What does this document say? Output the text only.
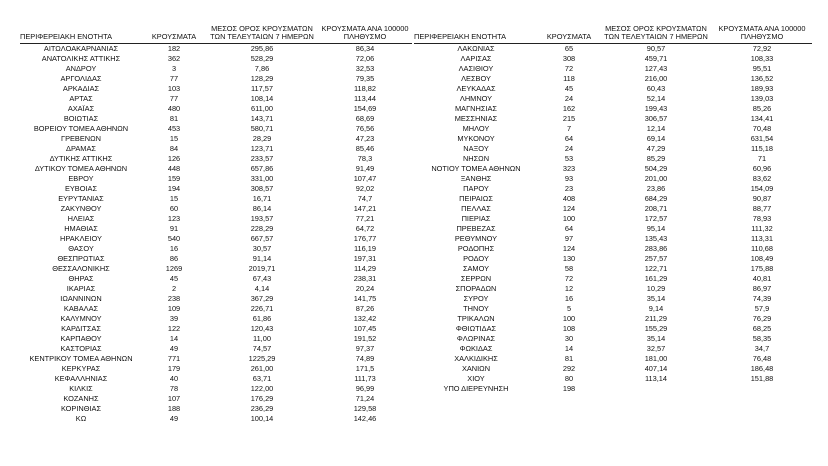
ΠΕΡΙΦΕΡΕΙΑΚΗ ΕΝΟΤΗΤΑ	ΚΡΟΥΣΜΑΤΑ	ΜΕΣΟΣ ΟΡΟΣ ΚΡΟΥΣΜΑΤΩΝ ΤΩΝ ΤΕΛΕΥΤΑΙΩΝ 7 ΗΜΕΡΩΝ	ΚΡΟΥΣΜΑΤΑ ΑΝΑ 100000 ΠΛΗΘΥΣΜΟ
ΑΙΤΩΛΟΑΚΑΡΝΑΝΙΑΣ	182	295,86	86,34
ΑΝΑΤΟΛΙΚΗΣ ΑΤΤΙΚΗΣ	362	528,29	72,06
ΑΝΔΡΟΥ	3	7,86	32,53
ΑΡΓΟΛΙΔΑΣ	77	128,29	79,35
ΑΡΚΑΔΙΑΣ	103	117,57	118,82
ΑΡΤΑΣ	77	108,14	113,44
ΑΧΑΪΑΣ	480	611,00	154,69
ΒΟΙΩΤΙΑΣ	81	143,71	68,69
ΒΟΡΕΙΟΥ ΤΟΜΕΑ ΑΘΗΝΩΝ	453	580,71	76,56
ΓΡΕΒΕΝΩΝ	15	28,29	47,23
ΔΡΑΜΑΣ	84	123,71	85,46
ΔΥΤΙΚΗΣ ΑΤΤΙΚΗΣ	126	233,57	78,3
ΔΥΤΙΚΟΥ ΤΟΜΕΑ ΑΘΗΝΩΝ	448	657,86	91,49
ΕΒΡΟΥ	159	331,00	107,47
ΕΥΒΟΙΑΣ	194	308,57	92,02
ΕΥΡΥΤΑΝΙΑΣ	15	16,71	74,7
ΖΑΚΥΝΘΟΥ	60	86,14	147,21
ΗΛΕΙΑΣ	123	193,57	77,21
ΗΜΑΘΙΑΣ	91	228,29	64,72
ΗΡΑΚΛΕΙΟΥ	540	667,57	176,77
ΘΑΣΟΥ	16	30,57	116,19
ΘΕΣΠΡΩΤΙΑΣ	86	91,14	197,31
ΘΕΣΣΑΛΟΝΙΚΗΣ	1269	2019,71	114,29
ΘΗΡΑΣ	45	67,43	238,31
ΙΚΑΡΙΑΣ	2	4,14	20,24
ΙΩΑΝΝΙΝΩΝ	238	367,29	141,75
ΚΑΒΑΛΑΣ	109	226,71	87,26
ΚΑΛΥΜΝΟΥ	39	61,86	132,42
ΚΑΡΔΙΤΣΑΣ	122	120,43	107,45
ΚΑΡΠΑΘΟΥ	14	11,00	191,52
ΚΑΣΤΟΡΙΑΣ	49	74,57	97,37
ΚΕΝΤΡΙΚΟΥ ΤΟΜΕΑ ΑΘΗΝΩΝ	771	1225,29	74,89
ΚΕΡΚΥΡΑΣ	179	261,00	171,5
ΚΕΦΑΛΛΗΝΙΑΣ	40	63,71	111,73
ΚΙΛΚΙΣ	78	122,00	96,99
ΚΟΖΑΝΗΣ	107	176,29	71,24
ΚΟΡΙΝΘΙΑΣ	188	236,29	129,58
ΚΩ	49	100,14	142,46
ΠΕΡΙΦΕΡΕΙΑΚΗ ΕΝΟΤΗΤΑ	ΚΡΟΥΣΜΑΤΑ	ΜΕΣΟΣ ΟΡΟΣ ΚΡΟΥΣΜΑΤΩΝ ΤΩΝ ΤΕΛΕΥΤΑΙΩΝ 7 ΗΜΕΡΩΝ	ΚΡΟΥΣΜΑΤΑ ΑΝΑ 100000 ΠΛΗΘΥΣΜΟ
ΛΑΚΩΝΙΑΣ	65	90,57	72,92
ΛΑΡΙΣΑΣ	308	459,71	108,33
ΛΑΣΙΘΙΟΥ	72	127,43	95,51
ΛΕΣΒΟΥ	118	216,00	136,52
ΛΕΥΚΑΔΑΣ	45	60,43	189,93
ΛΗΜΝΟΥ	24	52,14	139,03
ΜΑΓΝΗΣΙΑΣ	162	199,43	85,26
ΜΕΣΣΗΝΙΑΣ	215	306,57	134,41
ΜΗΛΟΥ	7	12,14	70,48
ΜΥΚΟΝΟΥ	64	69,14	631,54
ΝΑΞΟΥ	24	47,29	115,18
ΝΗΣΩΝ	53	85,29	71
ΝΟΤΙΟΥ ΤΟΜΕΑ ΑΘΗΝΩΝ	323	504,29	60,96
ΞΑΝΘΗΣ	93	201,00	83,62
ΠΑΡΟΥ	23	23,86	154,09
ΠΕΙΡΑΙΩΣ	408	684,29	90,87
ΠΕΛΛΑΣ	124	208,71	88,77
ΠΙΕΡΙΑΣ	100	172,57	78,93
ΠΡΕΒΕΖΑΣ	64	95,14	111,32
ΡΕΘΥΜΝΟΥ	97	135,43	113,31
ΡΟΔΟΠΗΣ	124	283,86	110,68
ΡΟΔΟΥ	130	257,57	108,49
ΣΑΜΟΥ	58	122,71	175,88
ΣΕΡΡΩΝ	72	161,29	40,81
ΣΠΟΡΑΔΩΝ	12	10,29	86,97
ΣΥΡΟΥ	16	35,14	74,39
ΤΗΝΟΥ	5	9,14	57,9
ΤΡΙΚΑΛΩΝ	100	211,29	76,29
ΦΘΙΩΤΙΔΑΣ	108	155,29	68,25
ΦΛΩΡΙΝΑΣ	30	35,14	58,35
ΦΩΚΙΔΑΣ	14	32,57	34,7
ΧΑΛΚΙΔΙΚΗΣ	81	181,00	76,48
ΧΑΝΙΩΝ	292	407,14	186,48
ΧΙΟΥ	80	113,14	151,88
ΥΠΟ ΔΙΕΡΕΥΝΗΣΗ	198		
